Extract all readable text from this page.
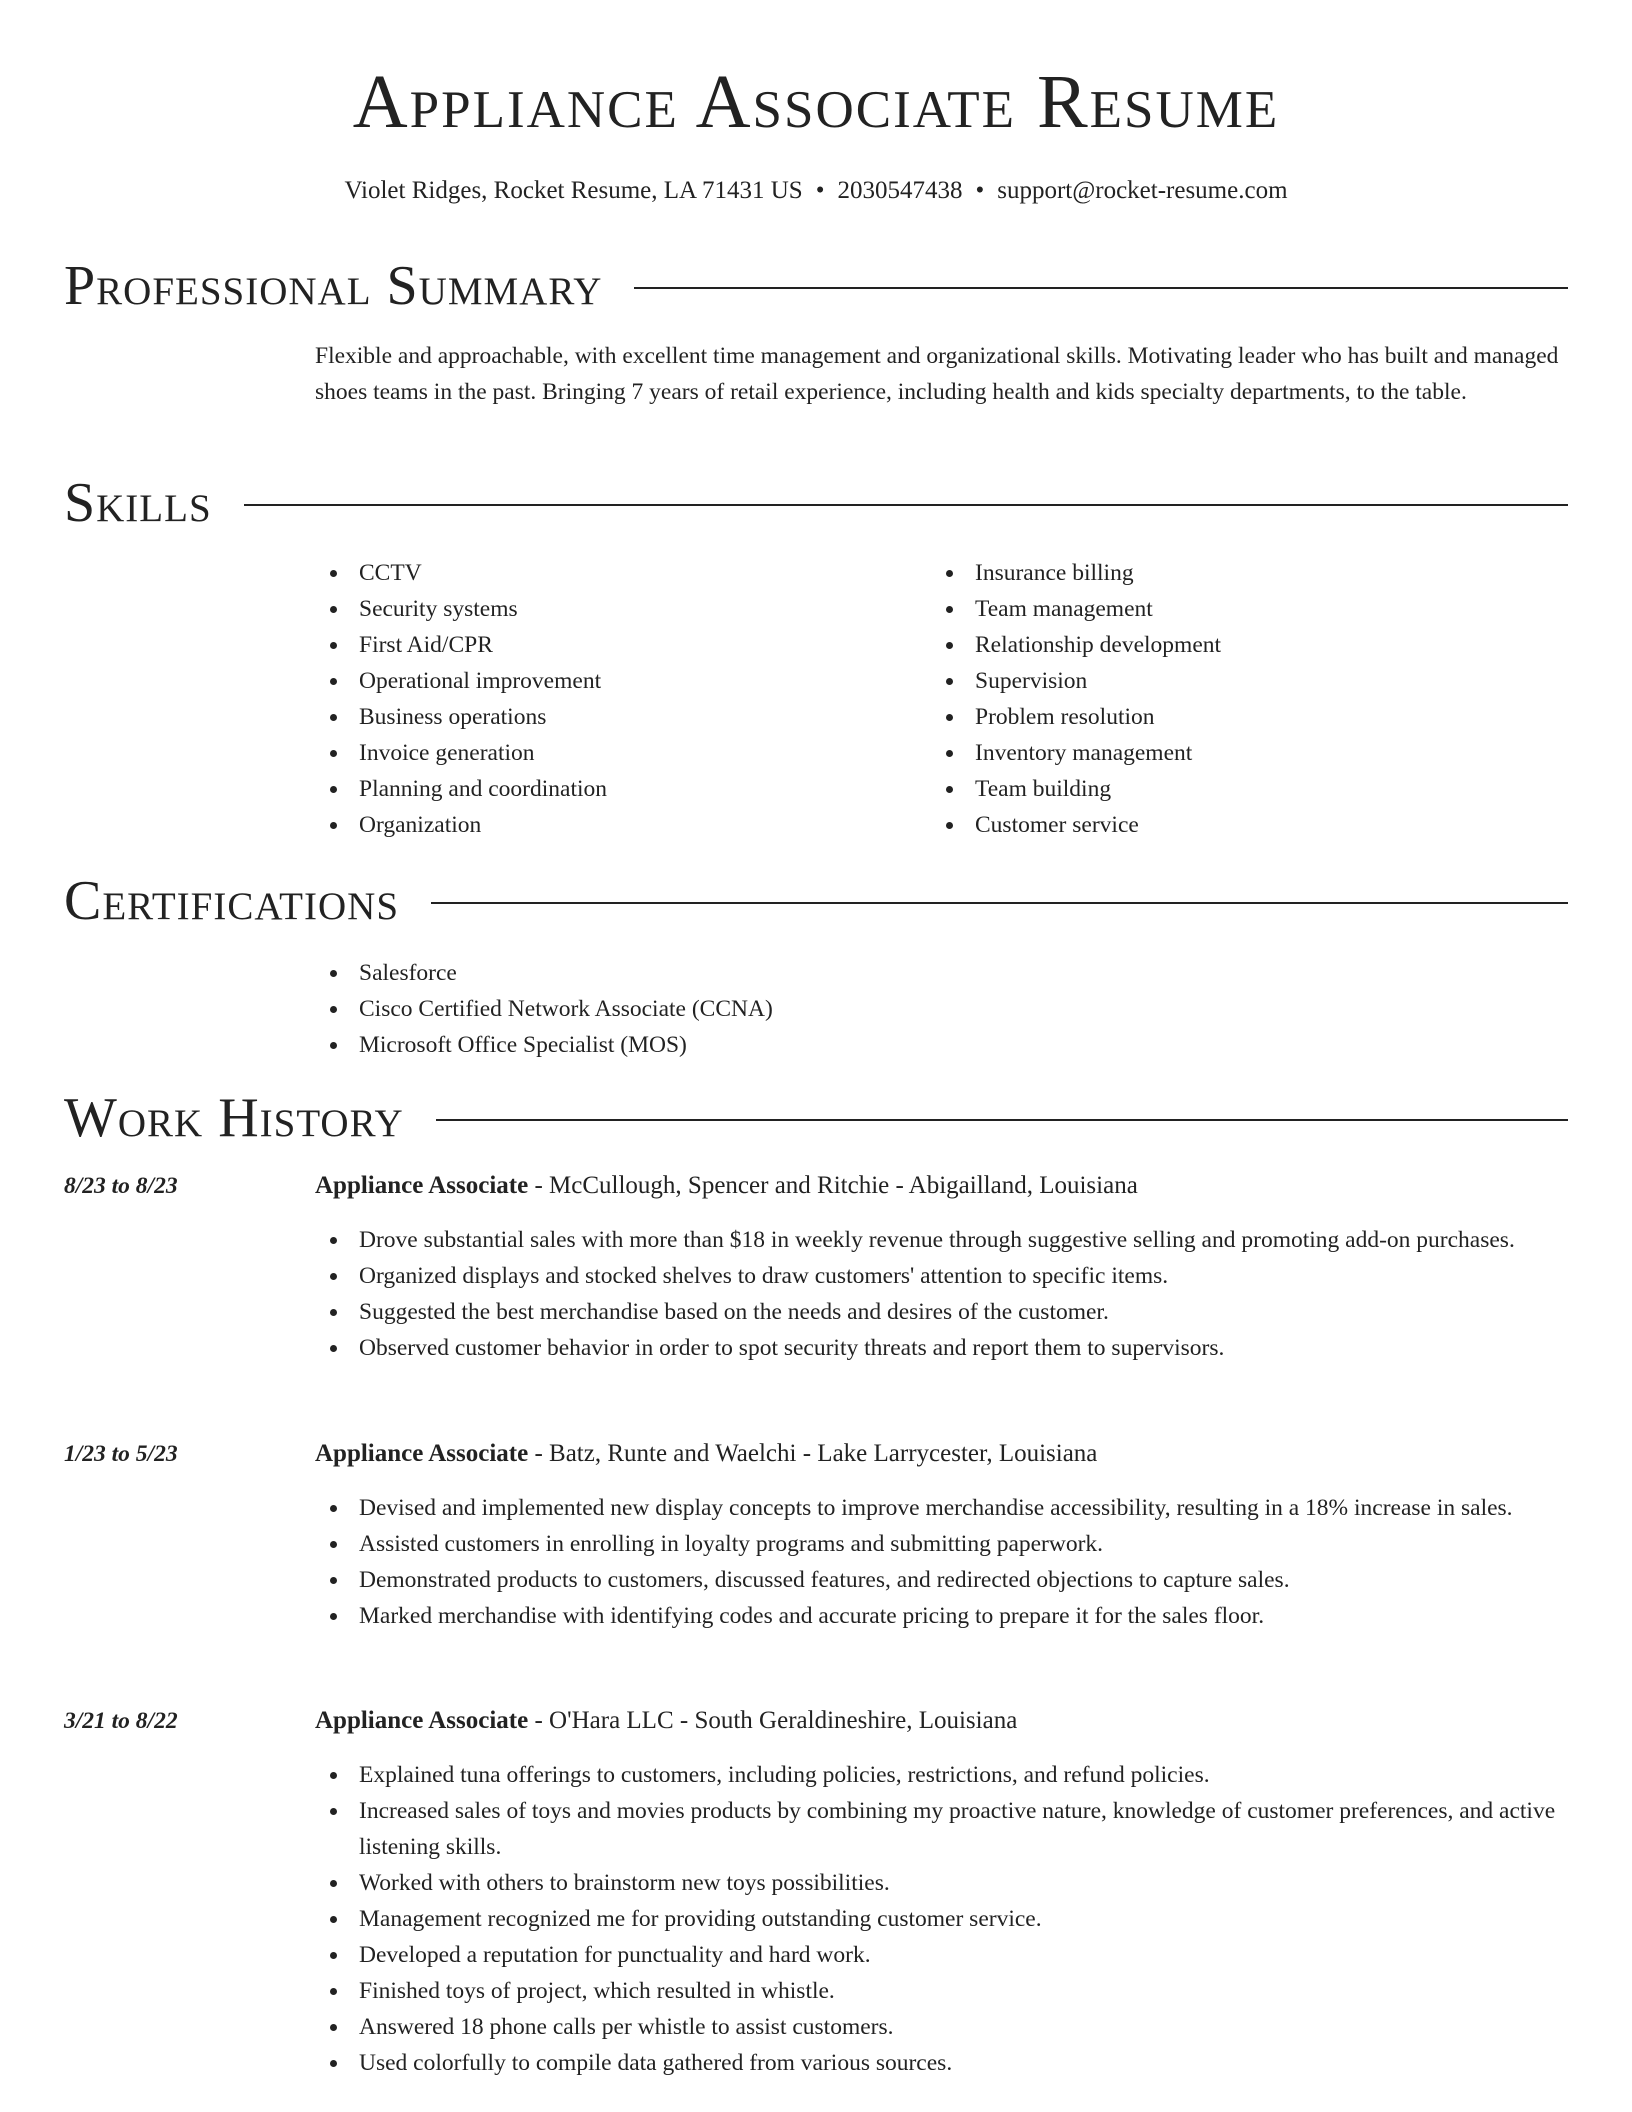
Appliance Associate Resume
Violet Ridges, Rocket Resume, LA 71431 US • 2030547438 • support@rocket-resume.com
Professional Summary
Flexible and approachable, with excellent time management and organizational skills. Motivating leader who has built and managed shoes teams in the past. Bringing 7 years of retail experience, including health and kids specialty departments, to the table.
Skills
CCTV
Security systems
First Aid/CPR
Operational improvement
Business operations
Invoice generation
Planning and coordination
Organization
Insurance billing
Team management
Relationship development
Supervision
Problem resolution
Inventory management
Team building
Customer service
Certifications
Salesforce
Cisco Certified Network Associate (CCNA)
Microsoft Office Specialist (MOS)
Work History
8/23 to 8/23	Appliance Associate - McCullough, Spencer and Ritchie - Abigailland, Louisiana
Drove substantial sales with more than $18 in weekly revenue through suggestive selling and promoting add-on purchases.
Organized displays and stocked shelves to draw customers' attention to specific items.
Suggested the best merchandise based on the needs and desires of the customer.
Observed customer behavior in order to spot security threats and report them to supervisors.
1/23 to 5/23	Appliance Associate - Batz, Runte and Waelchi - Lake Larrycester, Louisiana
Devised and implemented new display concepts to improve merchandise accessibility, resulting in a 18% increase in sales.
Assisted customers in enrolling in loyalty programs and submitting paperwork.
Demonstrated products to customers, discussed features, and redirected objections to capture sales.
Marked merchandise with identifying codes and accurate pricing to prepare it for the sales floor.
3/21 to 8/22	Appliance Associate - O'Hara LLC - South Geraldineshire, Louisiana
Explained tuna offerings to customers, including policies, restrictions, and refund policies.
Increased sales of toys and movies products by combining my proactive nature, knowledge of customer preferences, and active listening skills.
Worked with others to brainstorm new toys possibilities.
Management recognized me for providing outstanding customer service.
Developed a reputation for punctuality and hard work.
Finished toys of project, which resulted in whistle.
Answered 18 phone calls per whistle to assist customers.
Used colorfully to compile data gathered from various sources.
